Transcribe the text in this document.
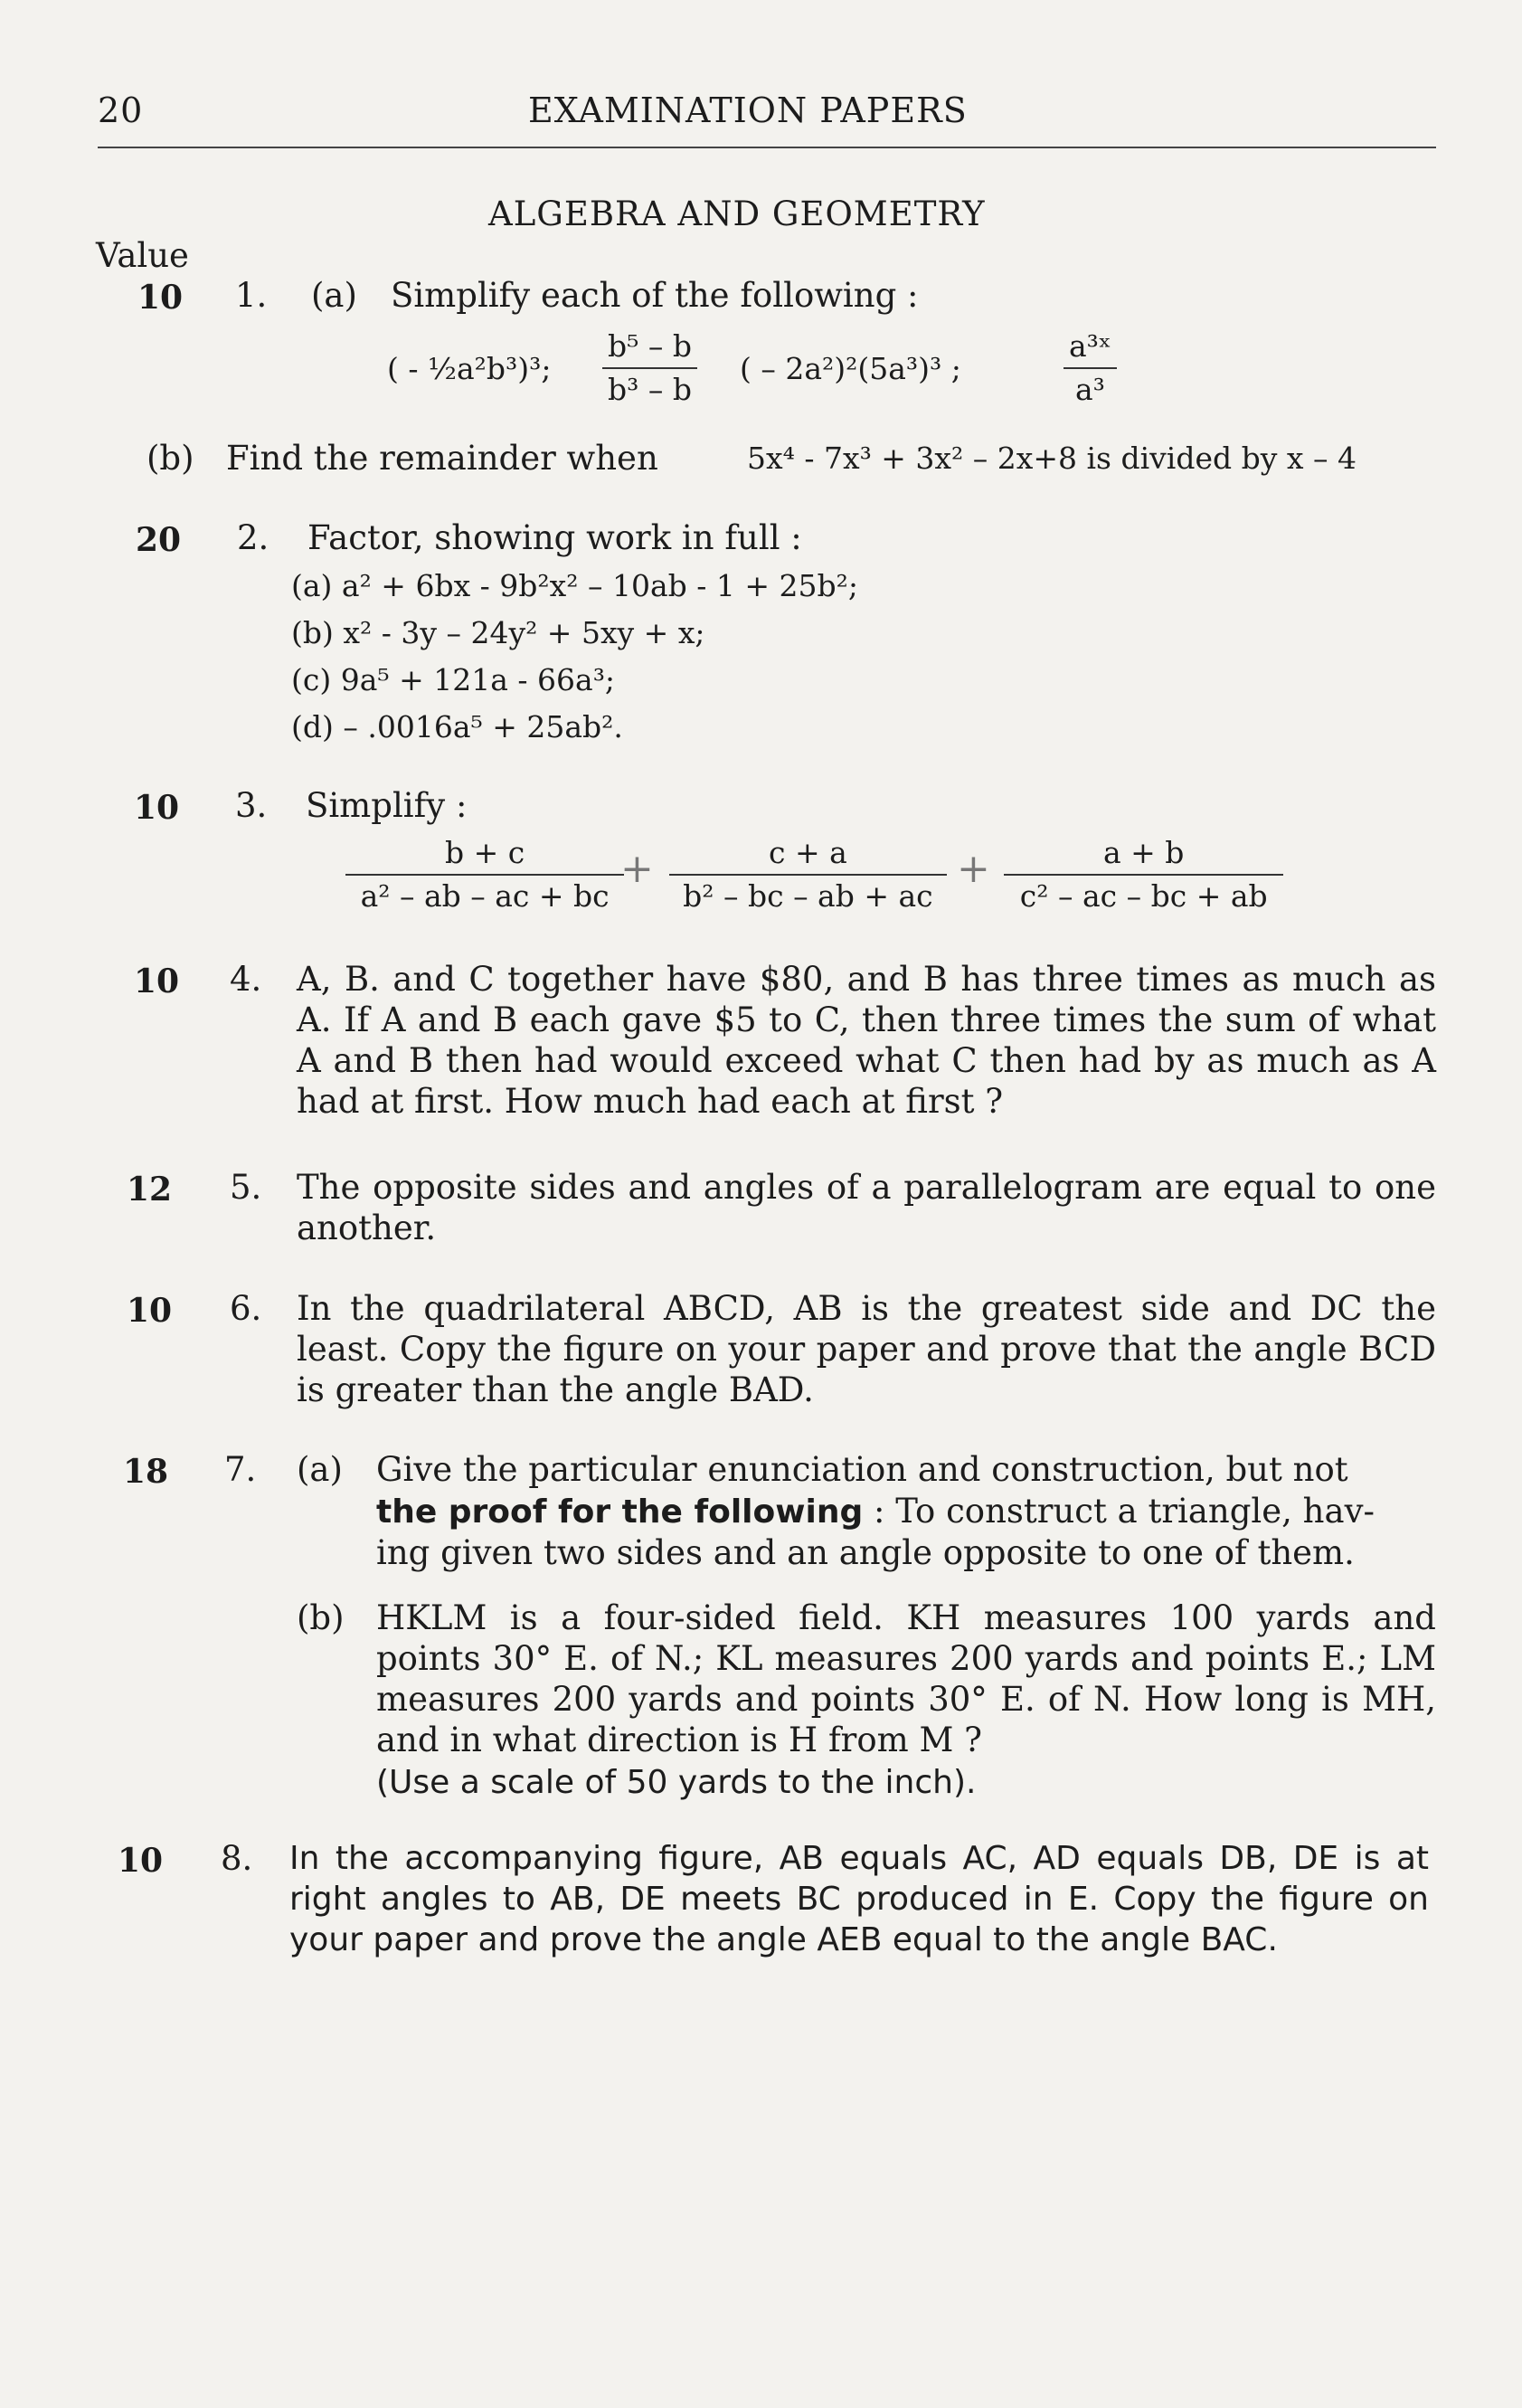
20	EXAMINATION PAPERS
ALGEBRA AND GEOMETRY
Value
10 1. (a) Simplify each of the following :
( - ½a²b³)³; $\frac{\text{b⁵ – b}}{\text{b³ – b}}$ ( – 2a²)²(5a³)³ ;	$\frac{\text{a³ˣ}}{\text{a³}}$
(b) Find the remainder when	5x⁴ - 7x³ + 3x² – 2x+8 is divided by x – 4
20 2. Factor, showing work in full :
(a) a² + 6bx - 9b²x² – 10ab - 1 + 25b²;
(b) x² - 3y – 24y² + 5xy + x;
(c) 9a⁵ + 121a - 66a³;
(d) – .0016a⁵ + 25ab².
10 3. Simplify :
$\frac{b + c}{\text{a² – ab – ac + bc}}$
+ $\frac{c + a}{\text{b² – bc – ab + ac}} + \frac{a + b}{\text{c² – ac – bc + ab}}$
10 4. A, B. and C together have $80, and B has three times as much as A. If A and B each gave $5 to C, then three times the sum of what A and B then had would exceed what C then had by as much as A had at first. How much had each at first ?
12 5. The opposite sides and angles of a parallelogram are equal to one another.
10 6. In the quadrilateral ABCD, AB is the greatest side and DC the least. Copy the figure on your paper and prove that the angle BCD is greater than the angle BAD.
18 7. (a) Give the particular enunciation and construction, but not
the proof for the following : To construct a triangle, hav-
ing given two sides and an angle opposite to one of them.
(b) HKLM is a four-sided field. KH measures 100 yards and points 30° E. of N.; KL measures 200 yards and points E.; LM measures 200 yards and points 30° E. of N. How long is MH, and in what direction is H from M ?
(Use a scale of 50 yards to the inch).
10 8. In the accompanying figure, AB equals AC, AD equals DB, DE is at right angles to AB, DE meets BC produced in E. Copy the figure on your paper and prove the angle AEB equal to the angle BAC.
